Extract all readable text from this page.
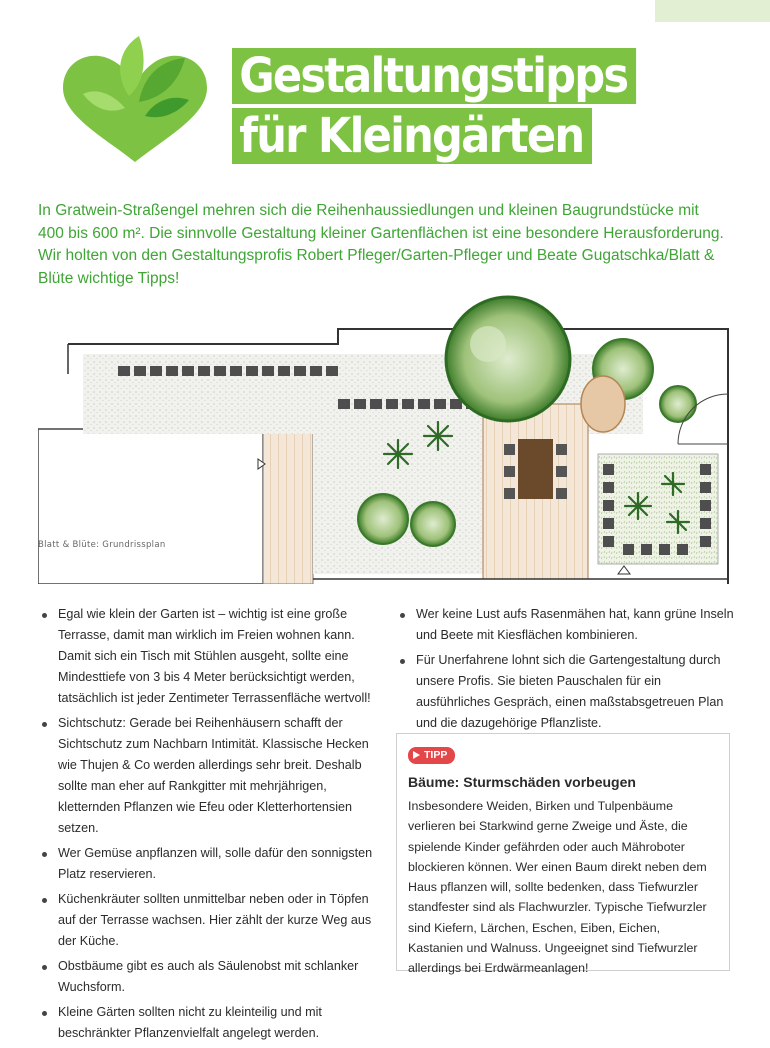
Gestaltungstipps
für Kleingärten

In Gratwein-Straßengel mehren sich die Reihenhaussiedlungen und kleinen Baugrundstücke mit 400 bis 600 m². Die sinnvolle Gestaltung kleiner Gartenflächen ist eine besondere Herausforderung. Wir holten von den Gestaltungsprofis Robert Pfleger/Garten-Pfleger und Beate Gugatschka/Blatt & Blüte wichtige Tipps!

Blatt & Blüte: Grundrissplan
Egal wie klein der Garten ist – wichtig ist eine große Terrasse, damit man wirklich im Freien wohnen kann. Damit sich ein Tisch mit Stühlen ausgeht, sollte eine Mindesttiefe von 3 bis 4 Meter berücksichtigt werden, tatsächlich ist jeder Zentimeter Terrassenfläche wertvoll!
Sichtschutz: Gerade bei Reihenhäusern schafft der Sichtschutz zum Nachbarn Intimität. Klassische Hecken wie Thujen & Co werden allerdings sehr breit. Deshalb sollte man eher auf Rankgitter mit mehrjährigen, kletternden Pflanzen wie Efeu oder Kletterhortensien setzen.
Wer Gemüse anpflanzen will, solle dafür den sonnigsten Platz reservieren.
Küchenkräuter sollten unmittelbar neben oder in Töpfen auf der Terrasse wachsen. Hier zählt der kurze Weg aus der Küche.
Obstbäume gibt es auch als Säulenobst mit schlanker Wuchsform.
Kleine Gärten sollten nicht zu kleinteilig und mit beschränkter Pflanzenvielfalt angelegt werden.
Wer keine Lust aufs Rasenmähen hat, kann grüne Inseln und Beete mit Kiesflächen kombinieren.
Für Unerfahrene lohnt sich die Gartengestaltung durch unsere Profis. Sie bieten Pauschalen für ein ausführliches Gespräch, einen maßstabsgetreuen Plan und die dazugehörige Pflanzliste.
TIPP
Bäume: Sturmschäden vorbeugen

Insbesondere Weiden, Birken und Tulpenbäume verlieren bei Starkwind gerne Zweige und Äste, die spielende Kinder gefährden oder auch Mähroboter blockieren können. Wer einen Baum direkt neben dem Haus pflanzen will, sollte bedenken, dass Tiefwurzler standfester sind als Flachwurzler. Typische Tiefwurzler sind Kiefern, Lärchen, Eschen, Eiben, Eichen, Kastanien und Walnuss. Ungeeignet sind Tiefwurzler allerdings bei Erdwärmeanlagen!
